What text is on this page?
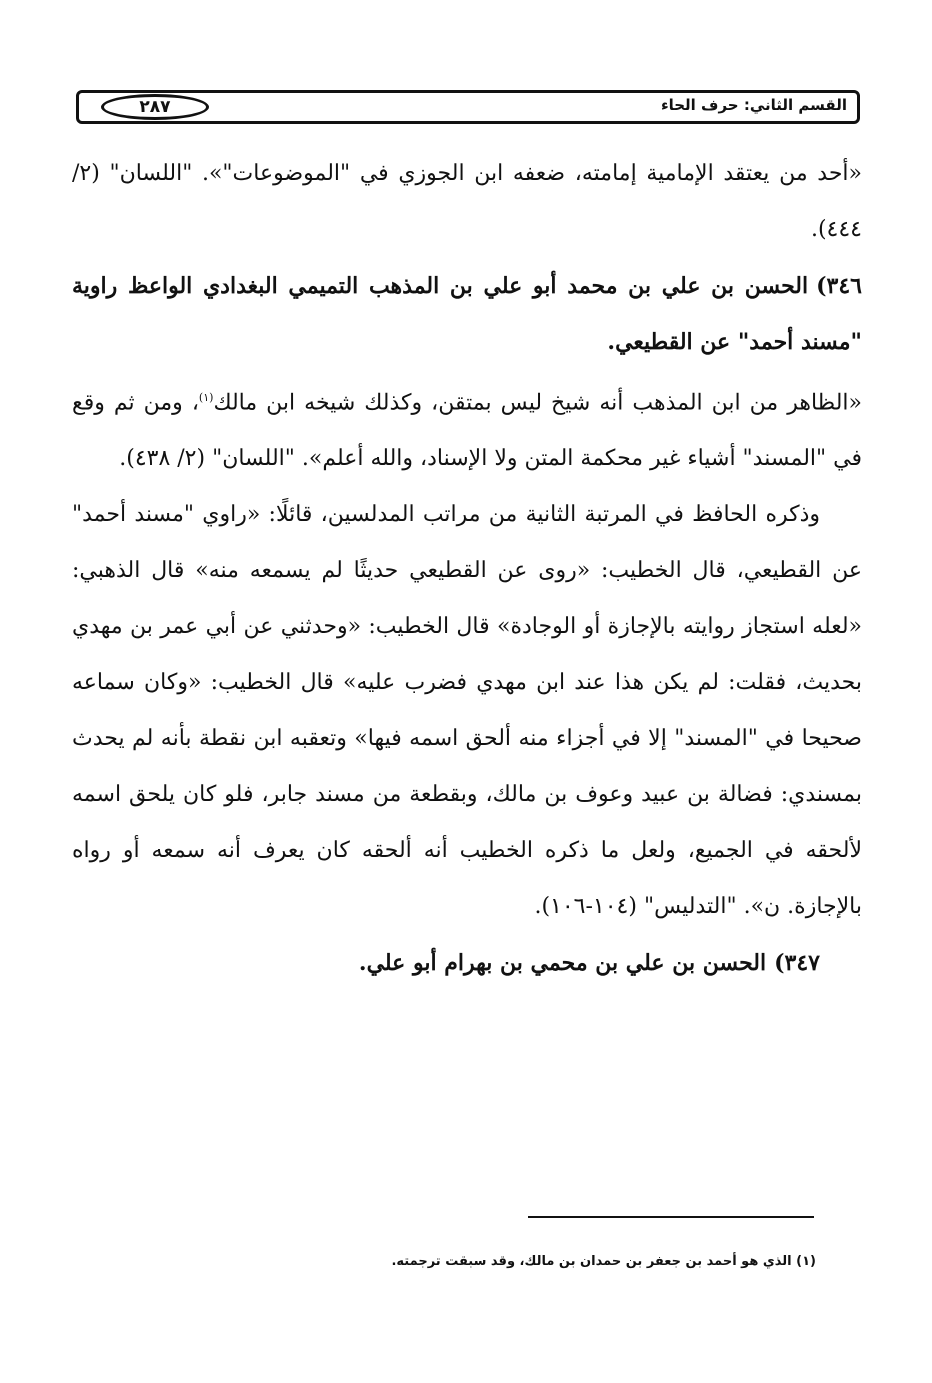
القسم الثاني: حرف الحاء
٢٨٧

«أحد من يعتقد الإمامية إمامته، ضعفه ابن الجوزي في "الموضوعات"». "اللسان" (٢/ ٤٤٤).

٣٤٦)الحسن بن علي بن محمد أبو علي بن المذهب التميمي البغدادي الواعظ راوية "مسند أحمد" عن القطيعي.

«الظاهر من ابن المذهب أنه شيخ ليس بمتقن، وكذلك شيخه ابن مالك$^{(١)}$، ومن ثم وقع في "المسند" أشياء غير محكمة المتن ولا الإسناد، والله أعلم». "اللسان" (٢/ ٤٣٨).

وذكره الحافظ في المرتبة الثانية من مراتب المدلسين، قائلًا: «راوي "مسند أحمد" عن القطيعي، قال الخطيب: «روى عن القطيعي حديثًا لم يسمعه منه» قال الذهبي: «لعله استجاز روايته بالإجازة أو الوجادة» قال الخطيب: «وحدثني عن أبي عمر بن مهدي بحديث، فقلت: لم يكن هذا عند ابن مهدي فضرب عليه» قال الخطيب: «وكان سماعه صحيحا في "المسند" إلا في أجزاء منه ألحق اسمه فيها» وتعقبه ابن نقطة بأنه لم يحدث بمسندي: فضالة بن عبيد وعوف بن مالك، وبقطعة من مسند جابر، فلو كان يلحق اسمه لألحقه في الجميع، ولعل ما ذكره الخطيب أنه ألحقه كان يعرف أنه سمعه أو رواه بالإجازة. ن». "التدليس" (١٠٤-١٠٦).

٣٤٧)الحسن بن علي بن محمي بن بهرام أبو علي.

(١) الذي هو أحمد بن جعفر بن حمدان بن مالك، وقد سبقت ترجمته.
